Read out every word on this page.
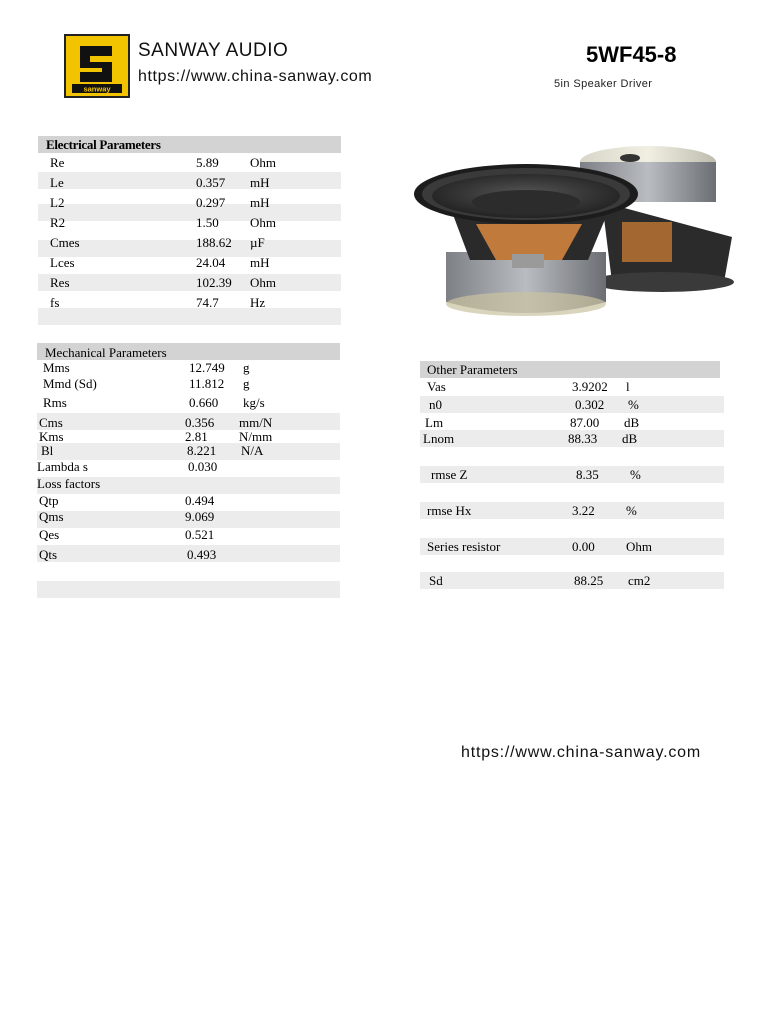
sanway
SANWAY AUDIO
https://www.china-sanway.com
5WF45-8
5in Speaker Driver
Electrical Parameters
Re	5.89 Ohm
Le	0.357 mH
L2	0.297 mH
R2	1.50 Ohm
Cmes	188.62 µF
Lces	24.04 mH
Res	102.39 Ohm
fs	74.7 Hz
Mechanical Parameters
Mms	12.749 g
Mmd (Sd)	11.812 g
Rms	0.660 kg/s
Cms	0.356 mm/N
Kms	2.81 N/mm
Bl	8.221 N/A
Lambda s	0.030
Loss factors
Qtp	0.494
Qms	9.069
Qes	0.521
Qts	0.493
Other Parameters
Vas	3.9202 l
n0	0.302 %
Lm	87.00 dB
Lnom	88.33 dB
rmse Z	8.35 %
rmse Hx	3.22 %
Series resistor	0.00 Ohm
Sd	88.25 cm2
https://www.china-sanway.com
